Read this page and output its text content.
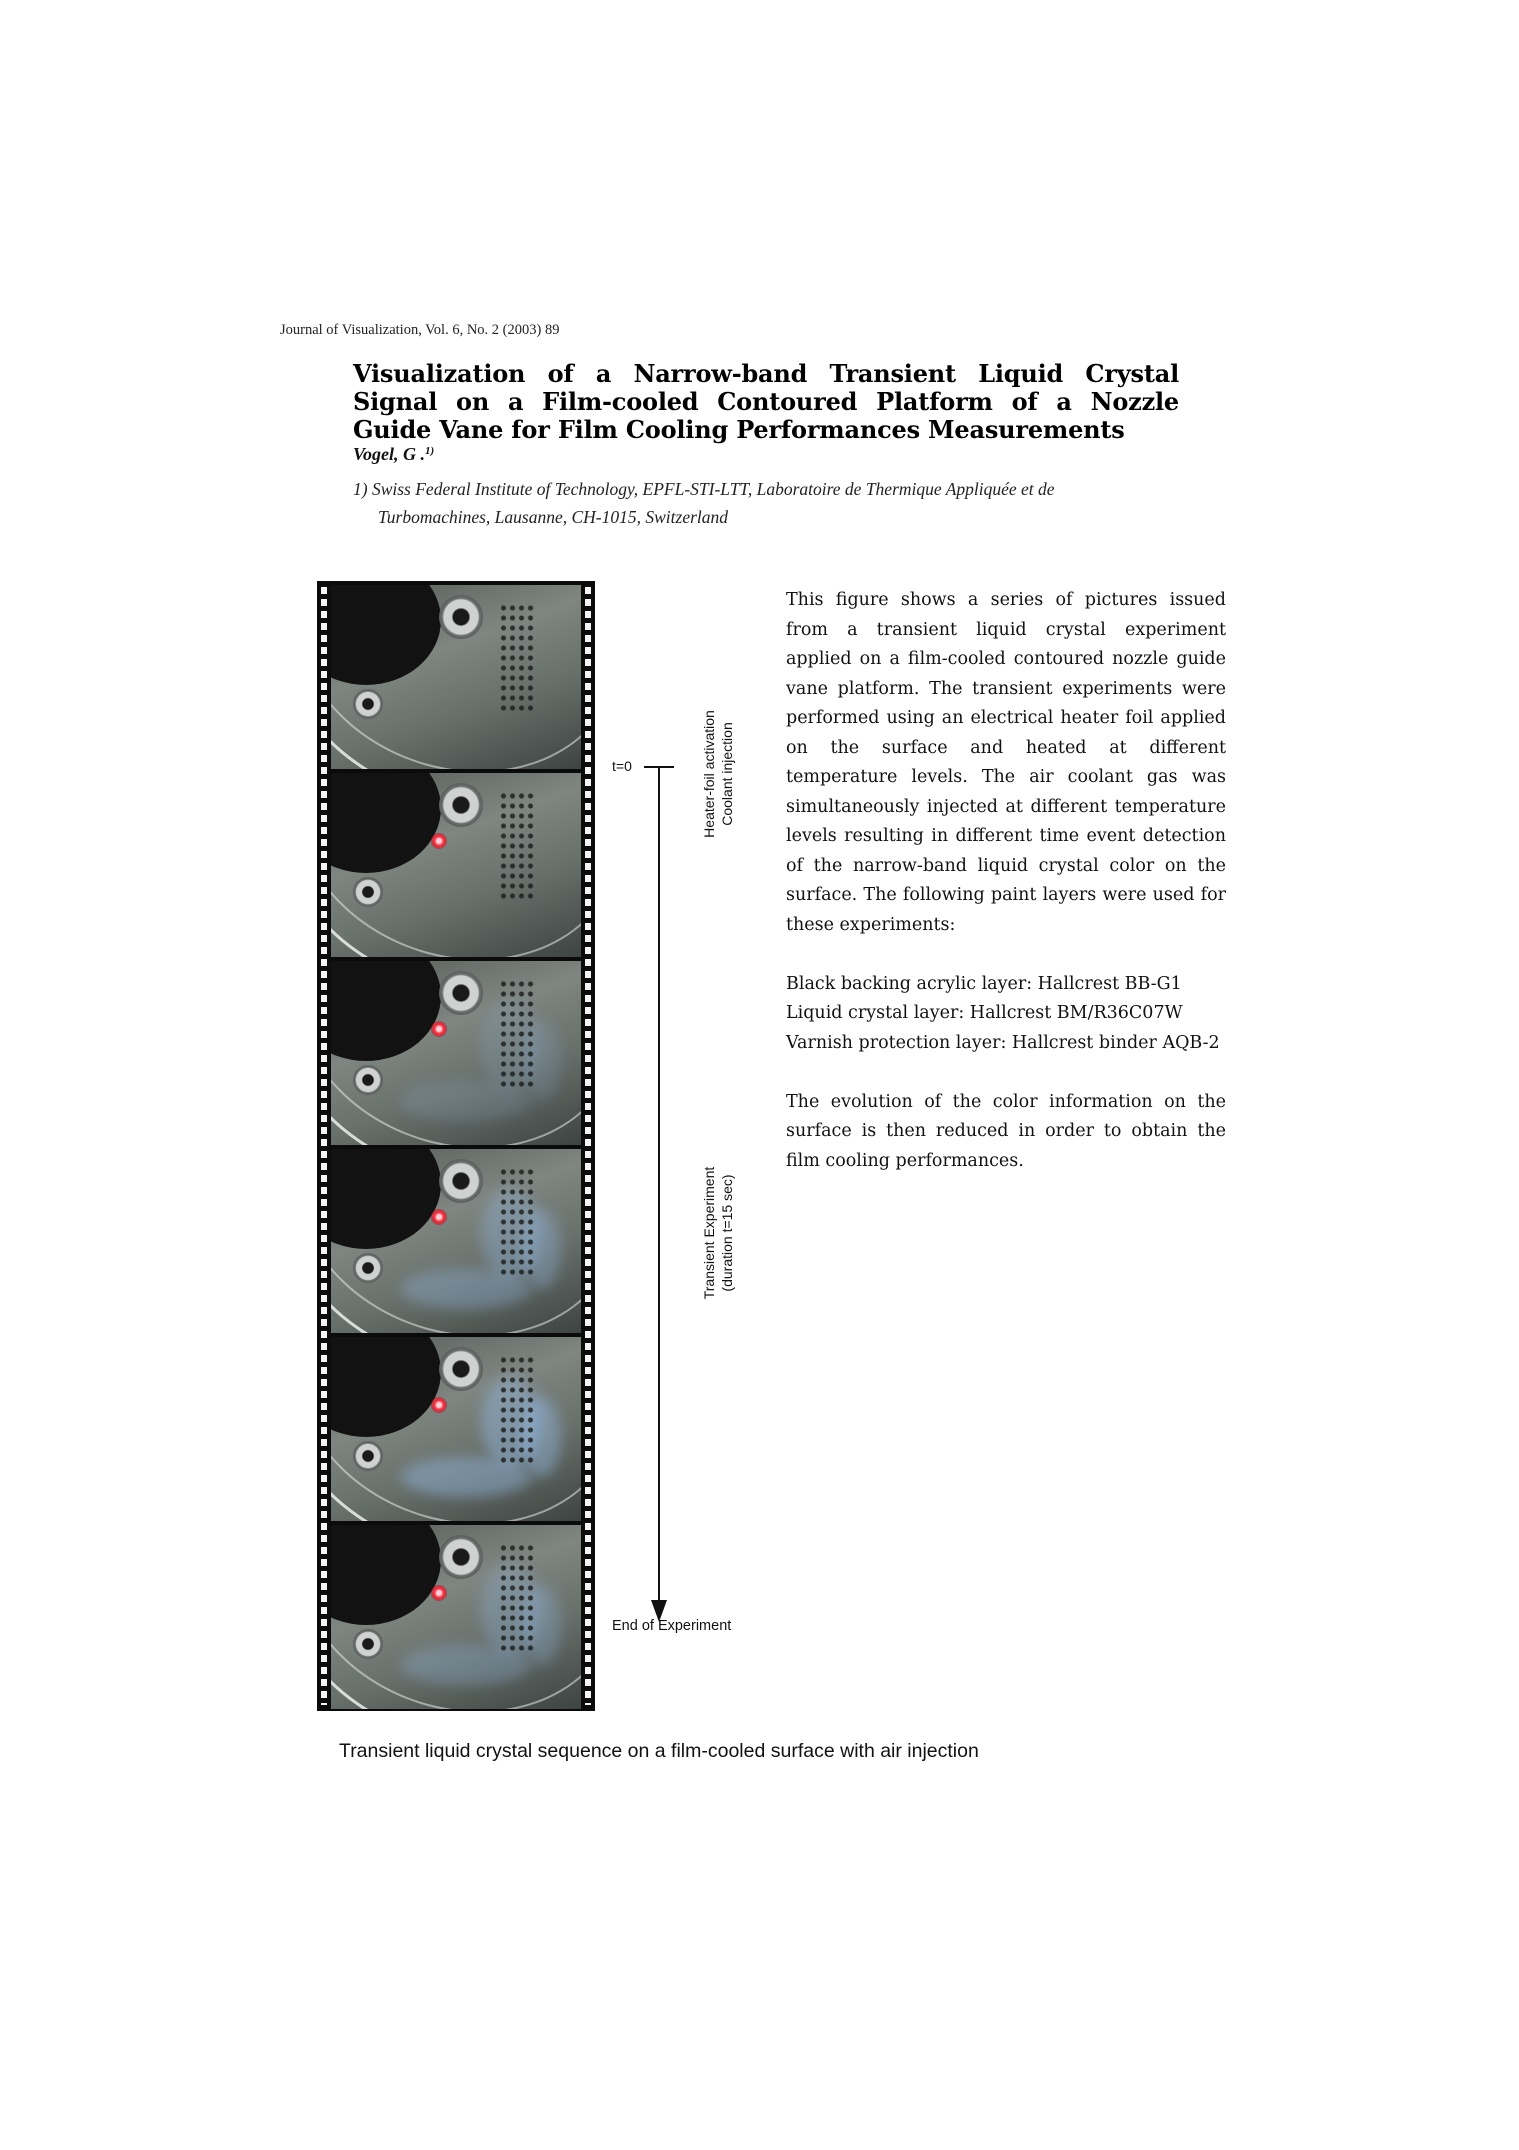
Journal of Visualization, Vol. 6, No. 2 (2003) 89
Visualization of a Narrow-band Transient Liquid Crystal Signal on a Film-cooled Contoured Platform of a Nozzle Guide Vane for Film Cooling Performances Measurements
Vogel, G .$^{1)}$
1) Swiss Federal Institute of Technology, EPFL-STI-LTT, Laboratoire de Thermique Appliquée et de
Turbomachines, Lausanne, CH-1015, Switzerland
t=0	Heater-foil activation Coolant injection
Transient Experiment (duration t=15 sec)
End of Experiment

This figure shows a series of pictures issued from a transient liquid crystal experiment applied on a film-cooled contoured nozzle guide vane platform. The transient experiments were performed using an electrical heater foil applied on the surface and heated at different temperature levels. The air coolant gas was simultaneously injected at different temperature levels resulting in different time event detection of the narrow-band liquid crystal color on the surface. The following paint layers were used for these experiments:

Black backing acrylic layer: Hallcrest BB-G1

Liquid crystal layer: Hallcrest BM/R36C07W

Varnish protection layer: Hallcrest binder AQB-2

The evolution of the color information on the surface is then reduced in order to obtain the film cooling performances.

Transient liquid crystal sequence on a film-cooled surface with air injection
